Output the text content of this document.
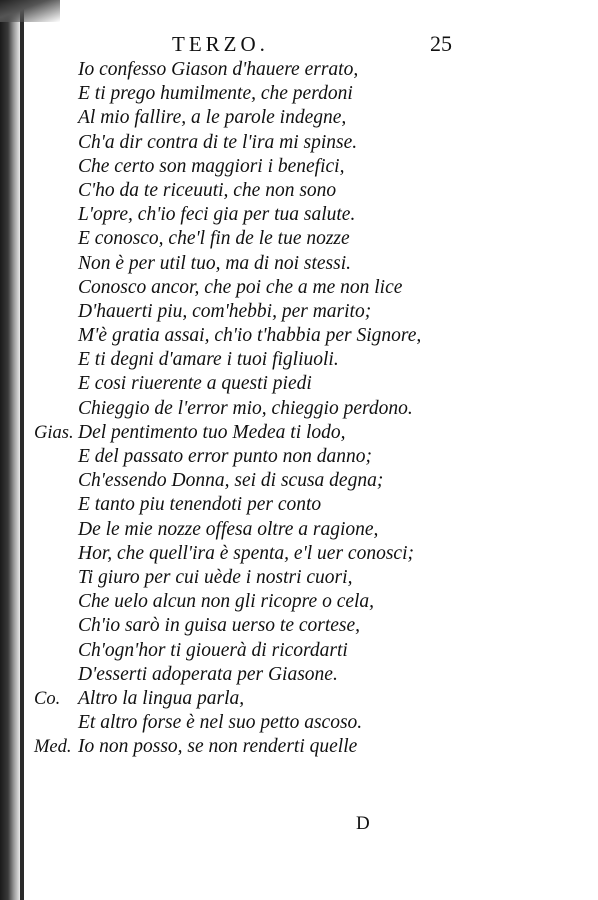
TERZO.	25
Io confesso Giason d'hauere errato,
E ti prego humilmente, che perdoni
Al mio fallire, a le parole indegne,
Ch'a dir contra di te l'ira mi spinse.
Che certo son maggiori i benefici,
C'ho da te riceuuti, che non sono
L'opre, ch'io feci gia per tua salute.
E conosco, che'l fin de le tue nozze
Non è per util tuo, ma di noi stessi.
Conosco ancor, che poi che a me non lice
D'hauerti piu, com'hebbi, per marito;
M'è gratia assai, ch'io t'habbia per Signore,
E ti degni d'amare i tuoi figliuoli.
E cosi riuerente a questi piedi
Chieggio de l'error mio, chieggio perdono.
Gias. Del pentimento tuo Medea ti lodo,
E del passato error punto non danno;
Ch'essendo Donna, sei di scusa degna;
E tanto piu tenendoti per conto
De le mie nozze offesa oltre a ragione,
Hor, che quell'ira è spenta, e'l uer conosci;
Ti giuro per cui uède i nostri cuori,
Che uelo alcun non gli ricopre o cela,
Ch'io sarò in guisa uerso te cortese,
Ch'ogn'hor ti giouerà di ricordarti
D'esserti adoperata per Giasone.
Co. Altro la lingua parla,
Et altro forse è nel suo petto ascoso.
Med. Io non posso, se non renderti quelle
D
